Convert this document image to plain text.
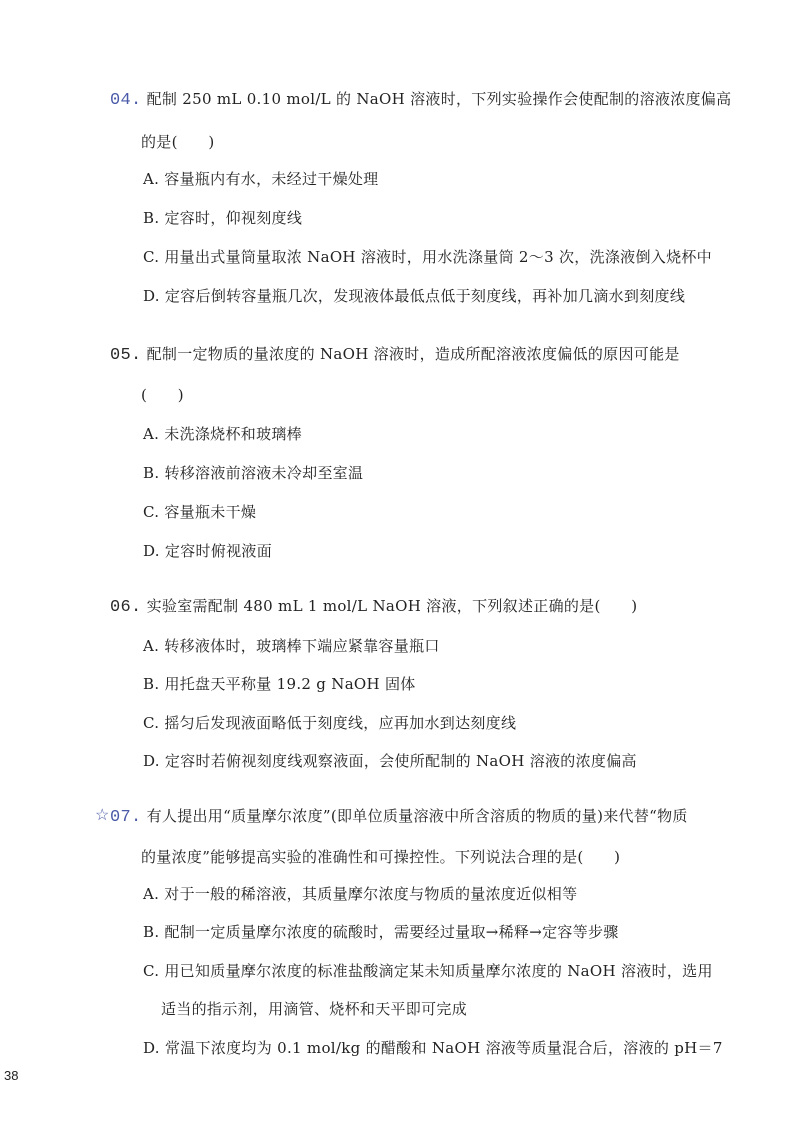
04. 配制 250 mL 0.10 mol/L 的 NaOH 溶液时，下列实验操作会使配制的溶液浓度偏高
的是(　　)
A. 容量瓶内有水，未经过干燥处理
B. 定容时，仰视刻度线
C. 用量出式量筒量取浓 NaOH 溶液时，用水洗涤量筒 2～3 次，洗涤液倒入烧杯中
D. 定容后倒转容量瓶几次，发现液体最低点低于刻度线，再补加几滴水到刻度线
05. 配制一定物质的量浓度的 NaOH 溶液时，造成所配溶液浓度偏低的原因可能是
(　　)
A. 未洗涤烧杯和玻璃棒
B. 转移溶液前溶液未冷却至室温
C. 容量瓶未干燥
D. 定容时俯视液面
06. 实验室需配制 480 mL 1 mol/L NaOH 溶液，下列叙述正确的是(　　)
A. 转移液体时，玻璃棒下端应紧靠容量瓶口
B. 用托盘天平称量 19.2 g NaOH 固体
C. 摇匀后发现液面略低于刻度线，应再加水到达刻度线
D. 定容时若俯视刻度线观察液面，会使所配制的 NaOH 溶液的浓度偏高
☆ 07. 有人提出用“质量摩尔浓度”(即单位质量溶液中所含溶质的物质的量)来代替“物质
的量浓度”能够提高实验的准确性和可操控性。下列说法合理的是(　　)
A. 对于一般的稀溶液，其质量摩尔浓度与物质的量浓度近似相等
B. 配制一定质量摩尔浓度的硫酸时，需要经过量取→稀释→定容等步骤
C. 用已知质量摩尔浓度的标准盐酸滴定某未知质量摩尔浓度的 NaOH 溶液时，选用
适当的指示剂，用滴管、烧杯和天平即可完成
D. 常温下浓度均为 0.1 mol/kg 的醋酸和 NaOH 溶液等质量混合后，溶液的 pH＝7
38
